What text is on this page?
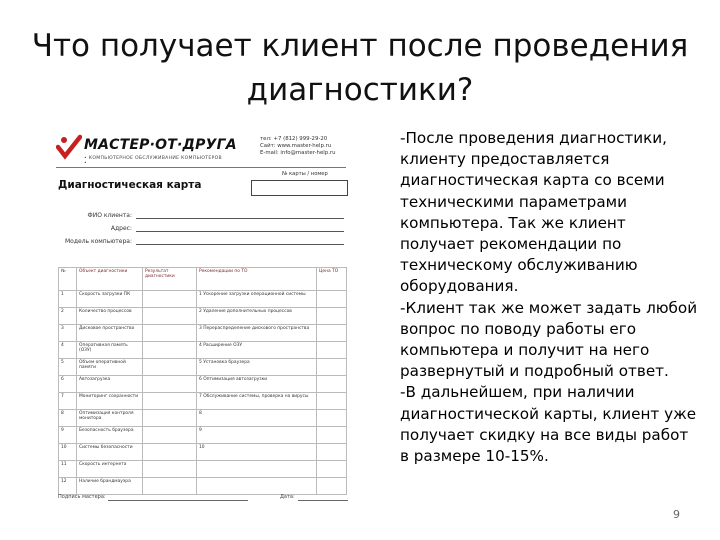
Что получает клиент после проведения диагностики?
МАСТЕР·ОТ·ДРУГА
• КОМПЬЮТЕРНОЕ ОБСЛУЖИВАНИЕ КОМПЬЮТЕРОВ •
тел: +7 (812) 999-29-20
Сайт: www.master-help.ru
E-mail: info@master-help.ru
№ карты / номер
Диагностическая карта
ФИО клиента:
Адрес:
Модель компьютера:
№	Объект диагностики	Результат диагностики	Рекомендации по ТО	Цена ТО
1	Скорость загрузки ПК		1 Ускорение загрузки операционной системы	
2	Количество процессов		2 Удаление дополнительных процессов	
3	Дисковое пространство		3 Перераспределение дискового пространства	
4	Оперативная память (ОЗУ)		4 Расширение ОЗУ	
5	Объем оперативной памяти		5 Установка браузера	
6	Автозагрузка		6 Оптимизация автозагрузки	
7	Мониторинг сохранности		7 Обслуживание системы, проверка на вирусы	
8	Оптимизация контроля монитора		8	
9	Безопасность браузера		9	
10	Системы безопасности		10	
11	Скорость интернета			
12	Наличие брандмауэра			
Подпись мастера:	Дата:

-После проведения диагностики, клиенту предоставляется диагностическая карта со всеми техническими параметрами компьютера. Так же клиент получает рекомендации по техническому обслуживанию оборудования.

-Клиент так же может задать любой вопрос по поводу работы его компьютера и получит на него развернутый и подробный ответ.

-В дальнейшем, при наличии диагностической карты, клиент уже получает скидку на все виды работ в размере 10-15%.

9
